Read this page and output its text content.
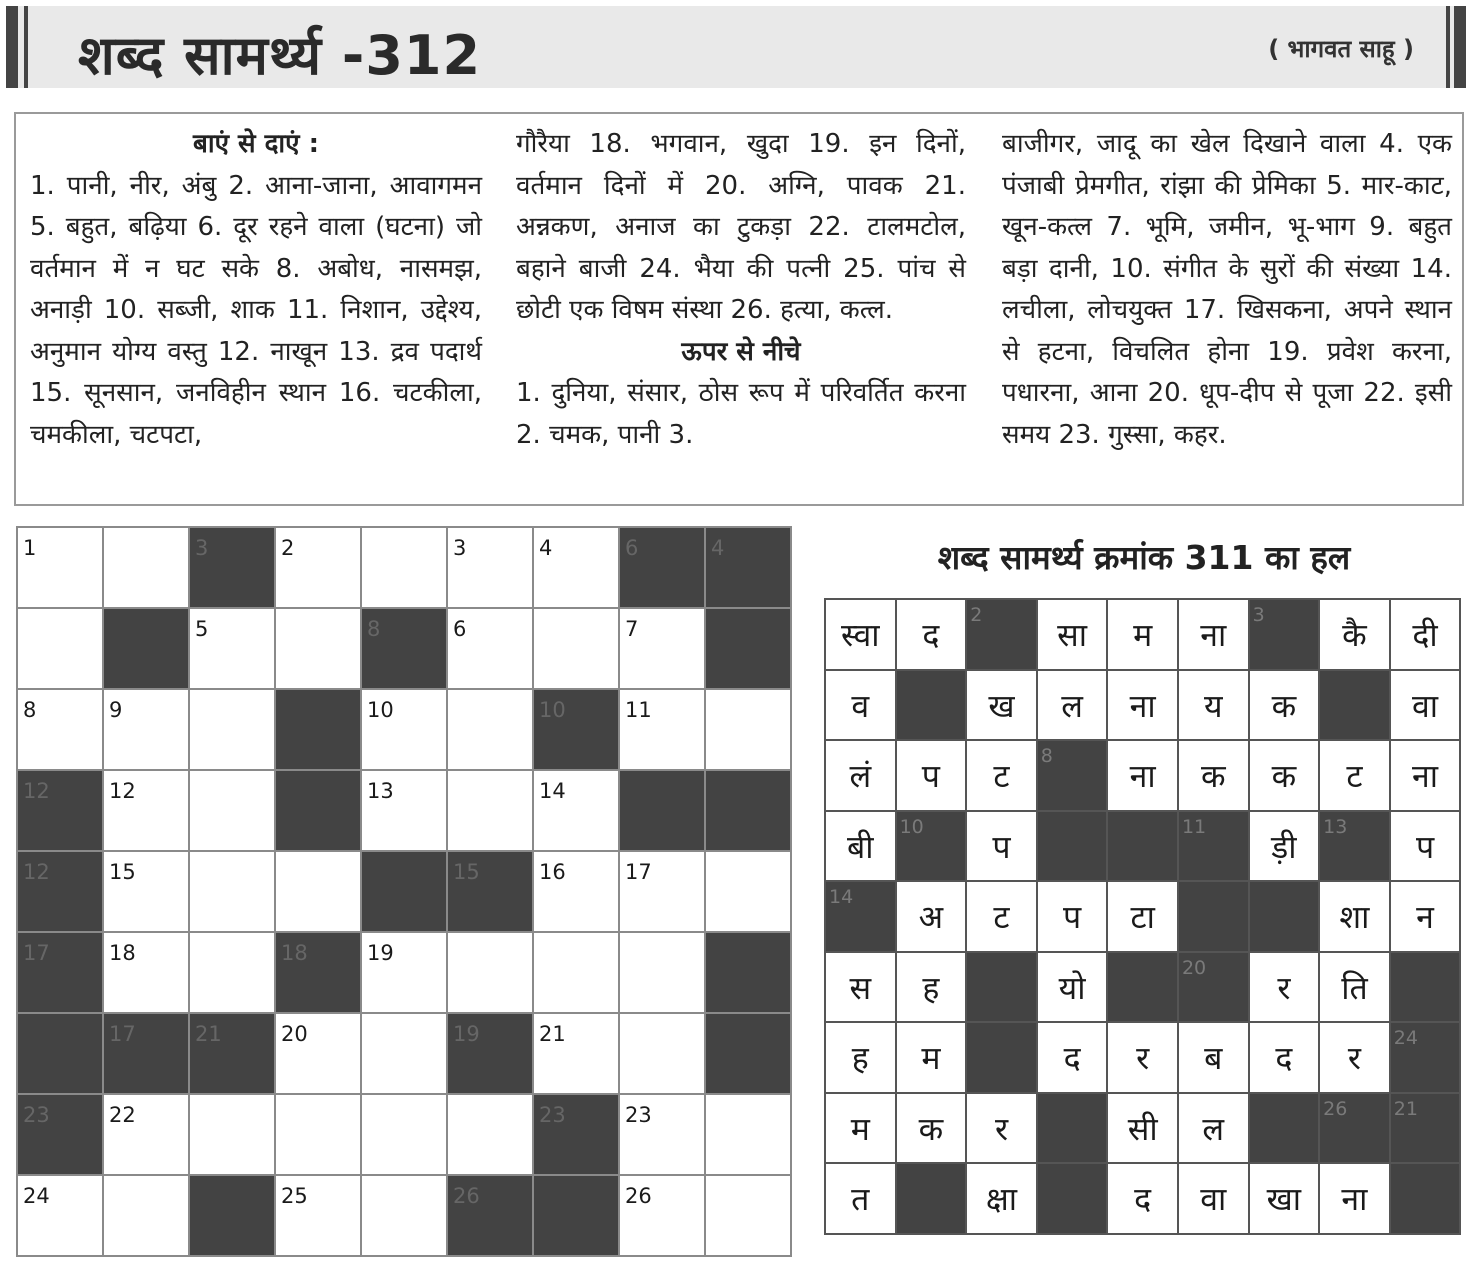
शब्द सामर्थ्य -312	( भागवत साहू )
बाएं से दाएं :
1. पानी, नीर, अंबु 2. आना-जाना, आवागमन 5. बहुत, बढ़िया 6. दूर रहने वाला (घटना) जो वर्तमान में न घट सके 8. अबोध, नासमझ, अनाड़ी 10. सब्जी, शाक 11. निशान, उद्देश्य, अनुमान योग्य वस्तु 12. नाखून 13. द्रव पदार्थ 15. सूनसान, जनविहीन स्थान 16. चटकीला, चमकीला, चटपटा,
गौरैया 18. भगवान, खुदा 19. इन दिनों, वर्तमान दिनों में 20. अग्नि, पावक 21. अन्नकण, अनाज का टुकड़ा 22. टालमटोल, बहाने बाजी 24. भैया की पत्नी 25. पांच से छोटी एक विषम संस्था 26. हत्या, कत्ल.
ऊपर से नीचे
1. दुनिया, संसार, ठोस रूप में परिवर्तित करना 2. चमक, पानी 3.
बाजीगर, जादू का खेल दिखाने वाला 4. एक पंजाबी प्रेमगीत, रांझा की प्रेमिका 5. मार-काट, खून-कत्ल 7. भूमि, जमीन, भू-भाग 9. बहुत बड़ा दानी, 10. संगीत के सुरों की संख्या 14. लचीला, लोचयुक्त 17. खिसकना, अपने स्थान से हटना, विचलित होना 19. प्रवेश करना, पधारना, आना 20. धूप-दीप से पूजा 22. इसी समय 23. गुस्सा, कहर.
1		3	2		3	4	6	4

		5		8	6		7	

8	9			10		10	11	

12	12			13		14		

12	15				15	16	17	

17	18		18	19				

	17	21	20		19	21		

23	22					23	23	

24			25		26		26	

शब्द सामर्थ्य क्रमांक 311 का हल
स्वा	द	2	सा	म	ना	3	कै	दी

व		ख	ल	ना	य	क		वा

लं	प	ट	8	ना	क	क	ट	ना

बी	10	प			11	ड़ी	13	प

14	अ	ट	प	टा			शा	न

स	ह		यो		20	र	ति	

ह	म		द	र	ब	द	र	24

म	क	र		सी	ल		26	21

त		क्षा		द	वा	खा	ना	
